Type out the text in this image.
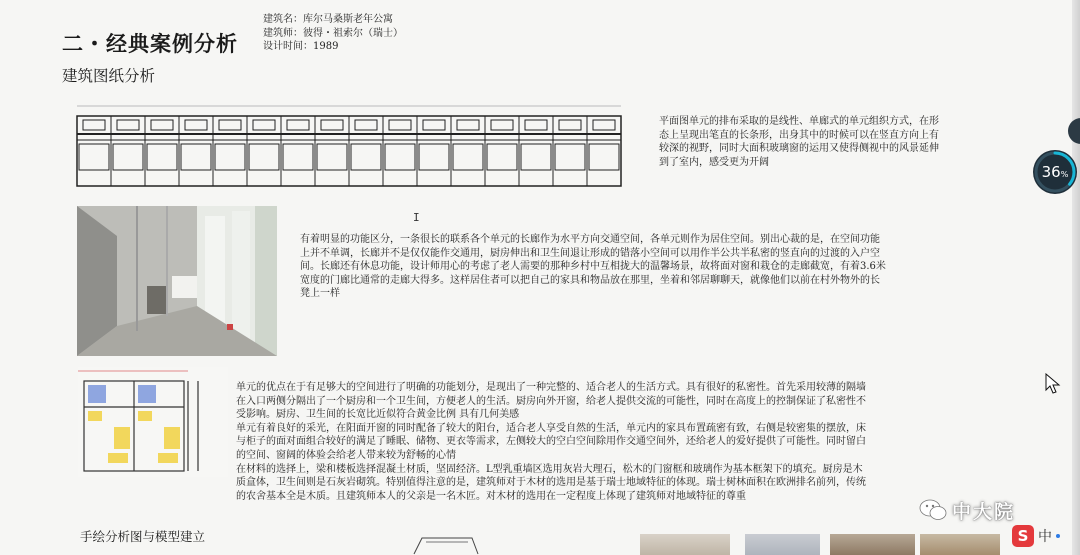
二・经典案例分析
建筑名：库尔马桑斯老年公寓
建筑师：彼得・祖索尔（瑞士）
设计时间：1989
建筑图纸分析
平面图单元的排布采取的是线性、单廊式的单元组织方式，在形态上呈现出笔直的长条形，出身其中的时候可以在竖直方向上有较深的视野，同时大面积玻璃窗的运用又使得侧视中的风景延伸到了室内，感受更为开阔
I
有着明显的功能区分，一条很长的联系各个单元的长廊作为水平方向交通空间，各单元则作为居住空间。别出心裁的是，在空间功能上并不单调，长廊并不是仅仅能作交通用，厨房伸出和卫生间退让形成的错落小空间可以用作半公共半私密的竖直向的过渡的入户空间。长廊还有休息功能，设计师用心的考虑了老人需要的那种乡村中互相拢大的温馨场景，故将面对窗和栽仓的走廊截宽，有着3.6米宽度的门廊比通常的走廊大得多。这样居住者可以把自己的家具和物品放在那里，坐着和邻居聊聊天，就像他们以前在村外物外的长凳上一样
单元的优点在于有足够大的空间进行了明确的功能划分，是现出了一种完整的、适合老人的生活方式。具有很好的私密性。首先采用较薄的隔墙在入口两侧分隔出了一个厨房和一个卫生间，方便老人的生活。厨房向外开窗，给老人提供交流的可能性，同时在高度上的控制保证了私密性不受影响。厨房、卫生间的长宽比近似符合黄金比例 具有几何美感
单元有着良好的采光，在阳面开窗的同时配备了较大的阳台，适合老人享受自然的生活，单元内的家具布置疏密有致，右侧是较密集的摆放，床与柜子的面对面组合较好的满足了睡眠、储物、更衣等需求，左侧较大的空白空间除用作交通空间外，还给老人的爱好提供了可能性。同时留白的空间、窗阔的体验会给老人带来较为舒畅的心情
在材料的选择上，梁和楼板选择混凝土材质，坚固经济。L型乳重墙区选用灰岩大理石，松木的门窗框和玻璃作为基本框架下的填充。厨房是木质盒体，卫生间则是石灰岩砌筑。特别值得注意的是，建筑师对于木材的选用是基于瑞士地域特征的体现。瑞士树林面积在欧洲排名前列，传统的农舍基本全是木质。且建筑师本人的父亲是一名木匠。对木材的选用在一定程度上体现了建筑师对地域特征的尊重
手绘分析图与模型建立
36%
中大院
S 中
